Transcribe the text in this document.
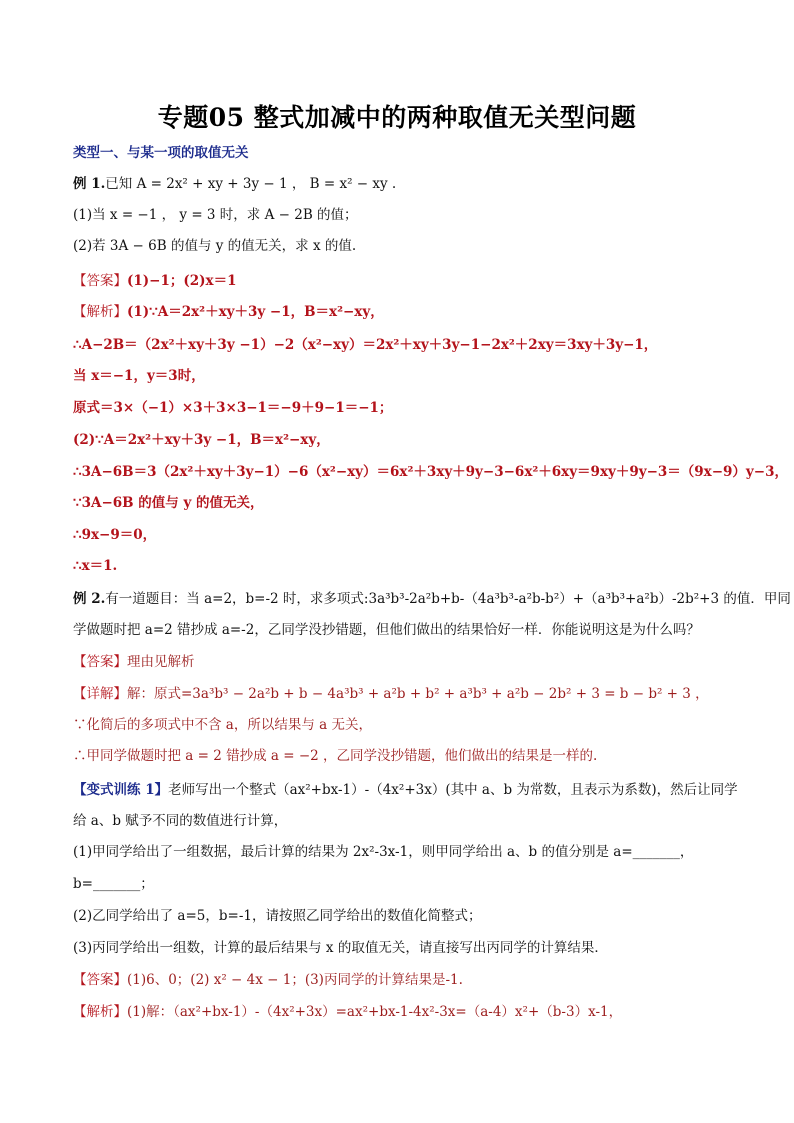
专题05 整式加减中的两种取值无关型问题
类型一、与某一项的取值无关
例 1.已知 A = 2x² + xy + 3y − 1 ， B = x² − xy .
(1)当 x = −1 ， y = 3 时，求 A − 2B 的值；
(2)若 3A − 6B 的值与 y 的值无关，求 x 的值.
【答案】(1)−1；(2)x＝1
【解析】(1)∵A＝2x²＋xy＋3y −1，B＝x²−xy，
∴A−2B＝（2x²＋xy＋3y −1）−2（x²−xy）＝2x²＋xy＋3y−1−2x²＋2xy＝3xy＋3y−1，
当 x＝−1，y＝3时，
原式＝3×（−1）×3＋3×3−1＝−9＋9−1＝−1；
(2)∵A＝2x²＋xy＋3y −1，B＝x²−xy，
∴3A−6B＝3（2x²＋xy＋3y−1）−6（x²−xy）＝6x²＋3xy＋9y−3−6x²＋6xy＝9xy＋9y−3＝（9x−9）y−3，
∵3A−6B 的值与 y 的值无关，
∴9x−9＝0，
∴x＝1.
例 2.有一道题目：当 a=2，b=-2 时，求多项式:3a³b³-2a²b+b-（4a³b³-a²b-b²）+（a³b³+a²b）-2b²+3 的值．甲同
学做题时把 a=2 错抄成 a=-2，乙同学没抄错题，但他们做出的结果恰好一样．你能说明这是为什么吗？
【答案】理由见解析
【详解】解：原式=3a³b³ − 2a²b + b − 4a³b³ + a²b + b² + a³b³ + a²b − 2b² + 3 = b − b² + 3 ，
∵化简后的多项式中不含 a，所以结果与 a 无关，
∴甲同学做题时把 a = 2 错抄成 a = −2 ，乙同学没抄错题，他们做出的结果是一样的.
【变式训练 1】老师写出一个整式（ax²+bx-1）-（4x²+3x）(其中 a、b 为常数，且表示为系数)，然后让同学
给 a、b 赋予不同的数值进行计算，
(1)甲同学给出了一组数据，最后计算的结果为 2x²-3x-1，则甲同学给出 a、b 的值分别是 a=_______，
b=_______；
(2)乙同学给出了 a=5，b=-1，请按照乙同学给出的数值化简整式；
(3)丙同学给出一组数，计算的最后结果与 x 的取值无关，请直接写出丙同学的计算结果．
【答案】(1)6、0；(2) x² − 4x − 1；(3)丙同学的计算结果是-1.
【解析】(1)解：（ax²+bx-1）-（4x²+3x）=ax²+bx-1-4x²-3x=（a-4）x²+（b-3）x-1，
